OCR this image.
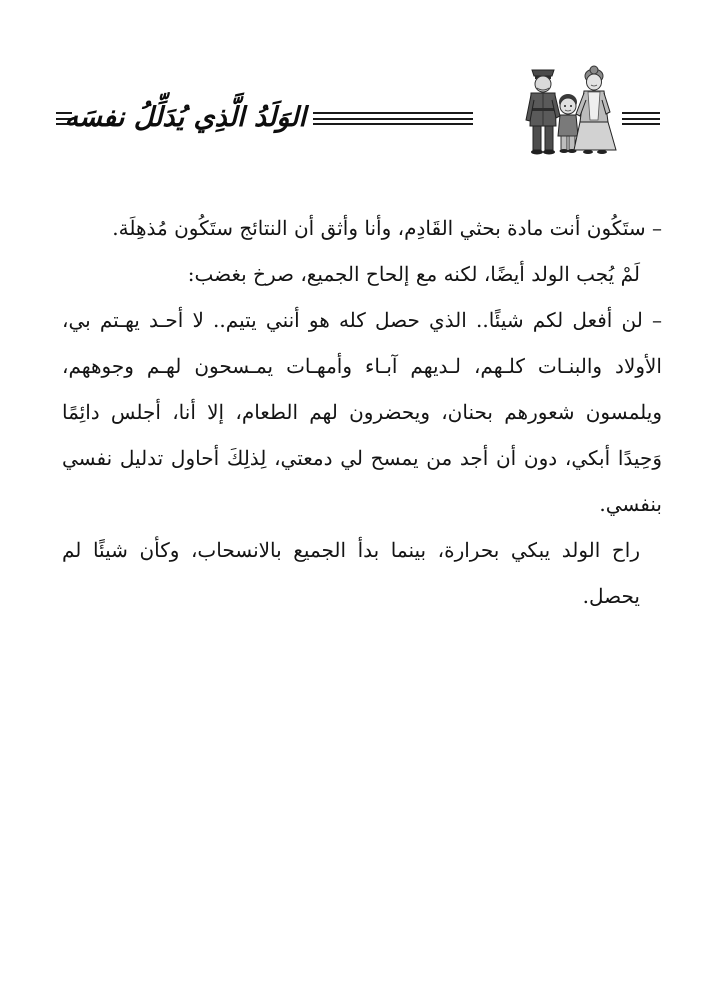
الوَلَدُ الَّذِي يُدَلِّلُ نفسَه

– ستَكُون أنت مادة بحثي القَادِم، وأنا وأثق أن النتائج ستَكُون مُذهِلَة.

لَمْ يُجب الولد أيضًا، لكنه مع إلحاح الجميع، صرخ بغضب:

– لن أفعل لكم شيئًا.. الذي حصل كله هو أنني يتيم.. لا أحـد يهـتم بي، الأولاد والبنـات كلـهم، لـديهم آبـاء وأمهـات يمـسحون لهـم وجوههم، ويلمسون شعورهم بحنان، ويحضرون لهم الطعام، إلا أنا، أجلس دائِمًا وَحِيدًا أبكي، دون أن أجد من يمسح لي دمعتي، لِذلِكَ أحاول تدليل نفسي بنفسي.

راح الولد يبكي بحرارة، بينما بدأ الجميع بالانسحاب، وكأن شيئًا لم يحصل.
